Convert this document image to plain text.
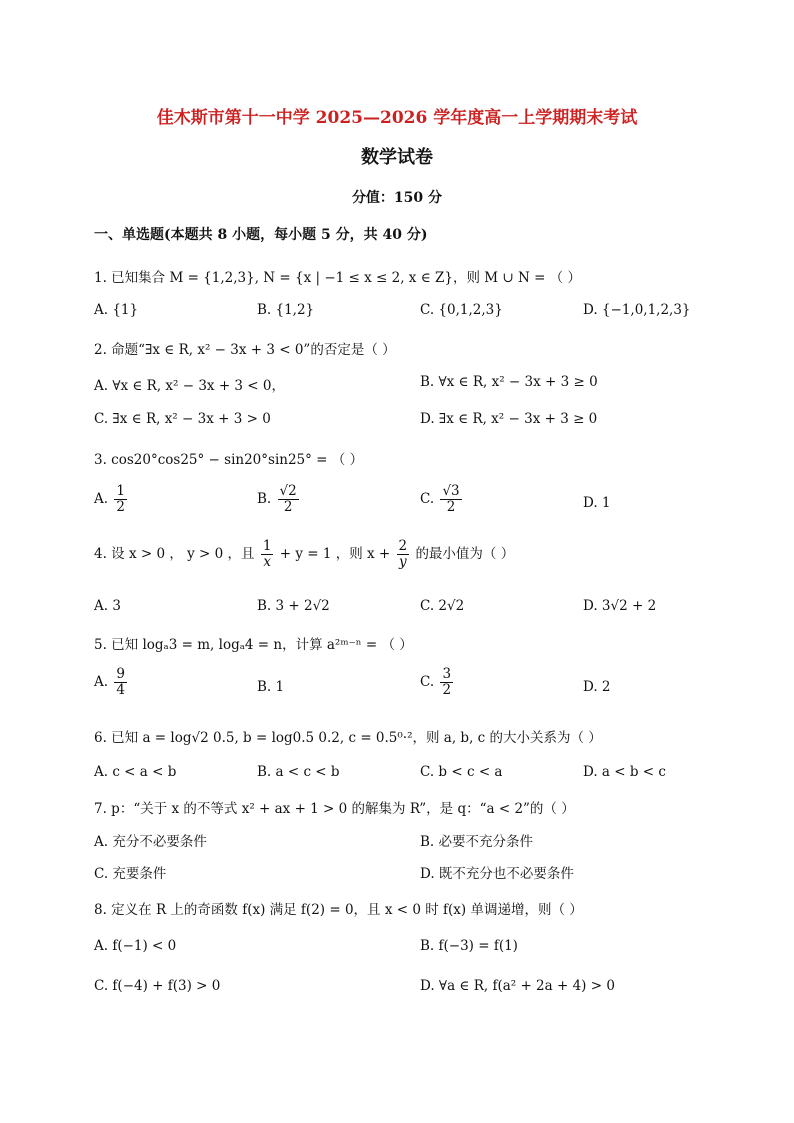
佳木斯市第十一中学 2025—2026 学年度高一上学期期末考试
数学试卷
分值：150 分
一、单选题(本题共 8 小题，每小题 5 分，共 40 分)
1. 已知集合 M = {1,2,3}, N = {x | −1 ≤ x ≤ 2, x ∈ Z}，则 M ∪ N = （ ）
A. {1}	B. {1,2}	C. {0,1,2,3}	D. {−1,0,1,2,3}
2. 命题“∃x ∈ R, x² − 3x + 3 < 0”的否定是（ ）
A. ∀x ∈ R, x² − 3x + 3 < 0，	B. ∀x ∈ R, x² − 3x + 3 ≥ 0
C. ∃x ∈ R, x² − 3x + 3 > 0	D. ∃x ∈ R, x² − 3x + 3 ≥ 0
3. cos20°cos25° − sin20°sin25° = （ ）
A. $\frac{1}{2}$	B. $\frac{√2}{2}$	C. $\frac{√3}{2}$	D. 1
4. 设 x > 0 ， y > 0 ，且 $\frac{1}{x} + y = 1$ ，则 $x + \frac{2}{y}$ 的最小值为（ ）
A. 3	B. 3 + 2√2	C. 2√2	D. 3√2 + 2
5. 已知 logₐ3 = m, logₐ4 = n，计算 a²ᵐ⁻ⁿ = （ ）
A. $\frac{9}{4}$	B. 1	C. $\frac{3}{2}$	D. 2
6. 已知 a = log√2 0.5, b = log0.5 0.2, c = 0.5⁰·²，则 a, b, c 的大小关系为（ ）
A. c < a < b	B. a < c < b	C. b < c < a	D. a < b < c
7. p：“关于 x 的不等式 x² + ax + 1 > 0 的解集为 R”，是 q：“a < 2”的（ ）
A. 充分不必要条件	B. 必要不充分条件
C. 充要条件	D. 既不充分也不必要条件
8. 定义在 R 上的奇函数 f(x) 满足 f(2) = 0，且 x < 0 时 f(x) 单调递增，则（ ）
A. f(−1) < 0	B. f(−3) = f(1)
C. f(−4) + f(3) > 0	D. ∀a ∈ R, f(a² + 2a + 4) > 0
